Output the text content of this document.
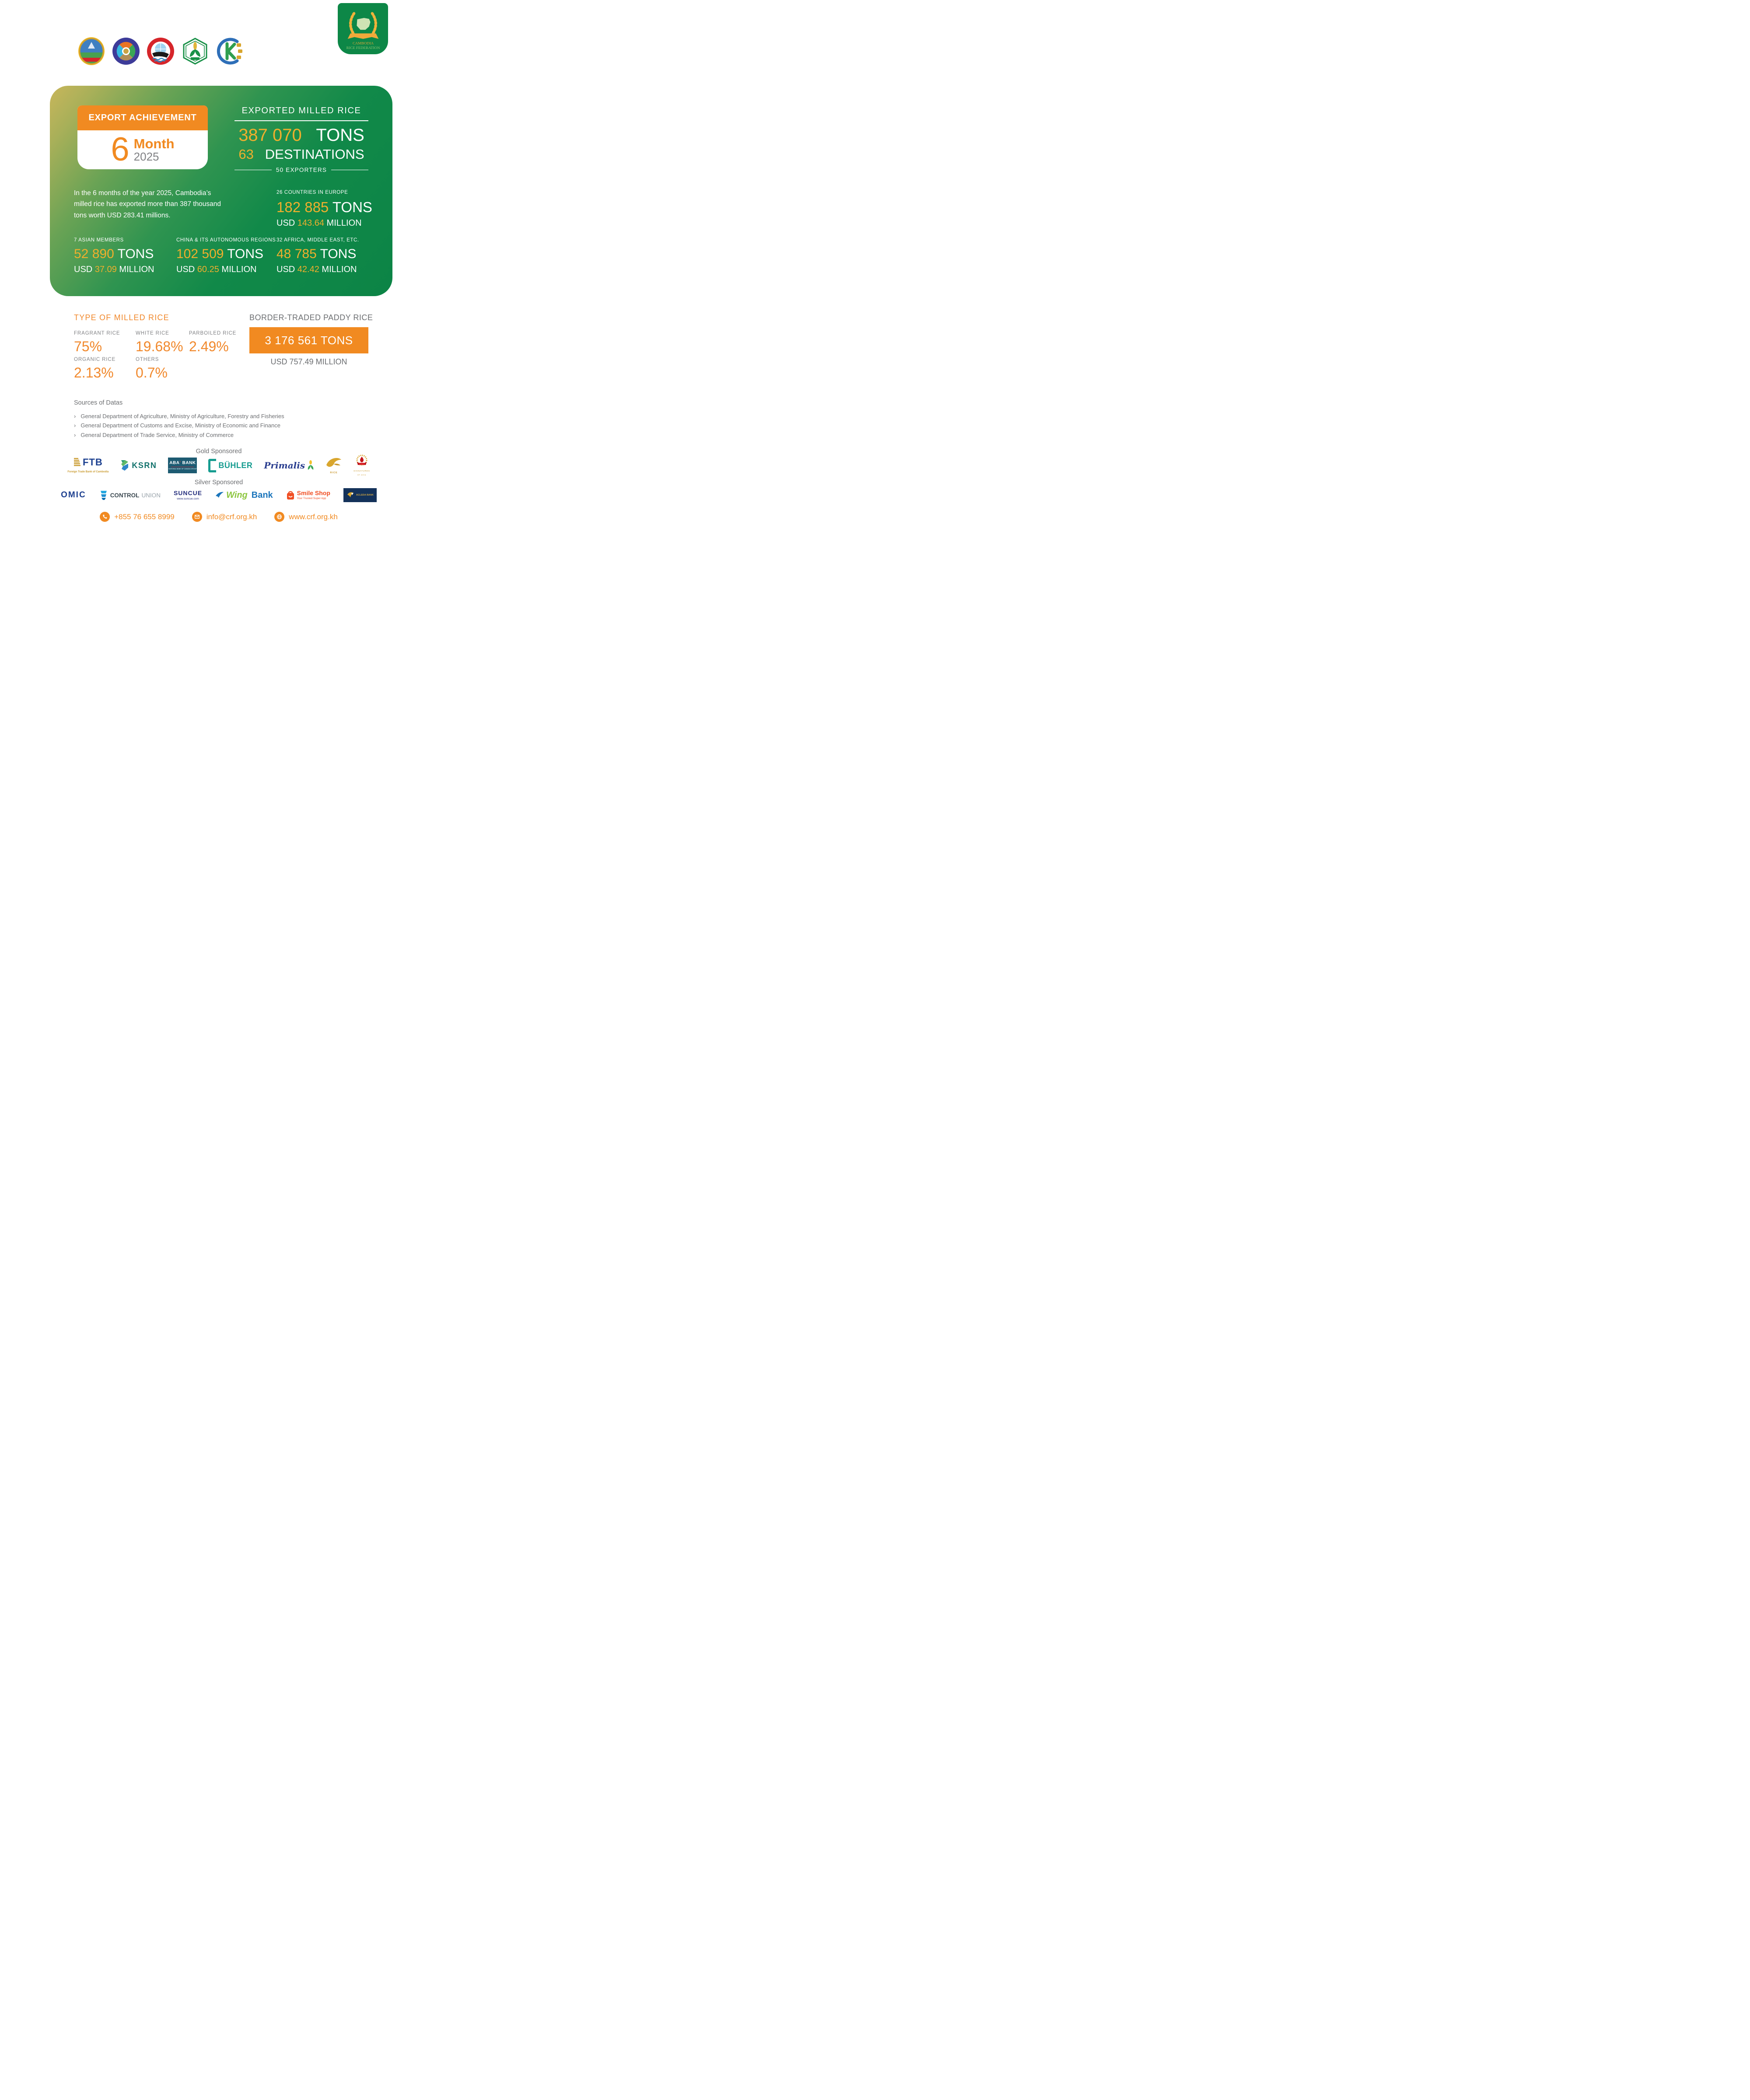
CAMBODIA
RICE FEDERATION
EXPORT ACHIEVEMENT
6 Month
2025
EXPORTED MILLED RICE
387 070 TONS
63 DESTINATIONS
50 EXPORTERS
In the 6 months of the year 2025, Cambodia’s milled rice has exported more than 387 thousand tons worth USD 283.41 millions.
26 COUNTRIES IN EUROPE
182 885 TONS
USD 143.64 MILLION
7 ASIAN MEMBERS
52 890 TONS
USD 37.09 MILLION
CHINA & ITS AUTONOMOUS REGIONS
102 509 TONS
USD 60.25 MILLION
32 AFRICA, MIDDLE EAST, ETC.
48 785 TONS
USD 42.42 MILLION
TYPE OF MILLED RICE
FRAGRANT RICE
75%
WHITE RICE
19.68%
PARBOILED RICE
2.49%
ORGANIC RICE
2.13%
OTHERS
0.7%
BORDER-TRADED PADDY RICE
3 176 561 TONS
USD 757.49 MILLION
Sources of Datas
› General Department of Agriculture, Ministry of Agriculture, Forestry and Fisheries
› General Department of Customs and Excise, Ministry of Economic and Finance
› General Department of Trade Service, Ministry of Commerce
Gold Sponsored
FTB
Foreign Trade Bank of Cambodia
KSRN	ABA' BANK
NATIONAL BANK OF CANADA GROUP	BÜHLER Primalis
RICE
SIGNATURES
OF ASIA
Silver Sponsored
OMIC	CONTROL UNION SUNCUE
www.suncue.com	Wing Bank	Smile Shop
Your Trusted Super App
ACLEDA BANK
+855 76 655 8999	info@crf.org.kh	www.crf.org.kh
